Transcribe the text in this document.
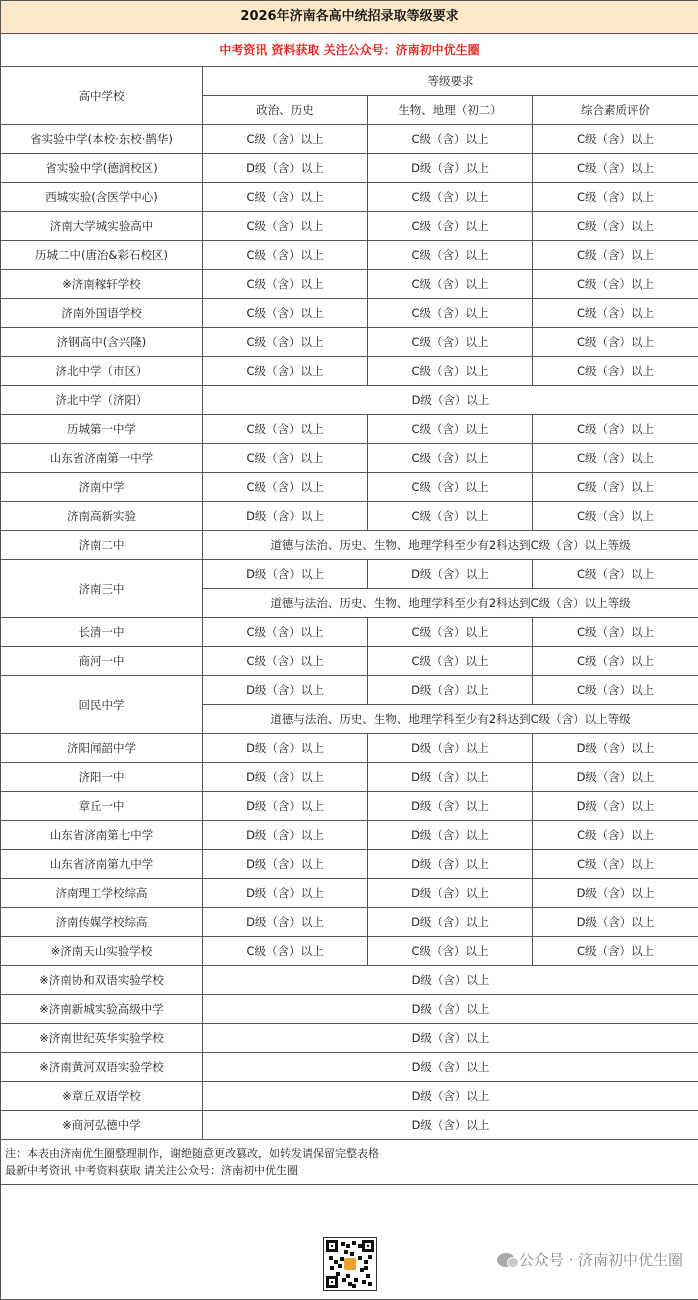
2026年济南各高中统招录取等级要求			
中考资讯 资料获取 关注公众号：济南初中优生圈			
高中学校	等级要求		
	政治、历史	生物、地理（初二）	综合素质评价
省实验中学(本校·东校·鹊华)	C级（含）以上	C级（含）以上	C级（含）以上
省实验中学(德润校区)	D级（含）以上	D级（含）以上	C级（含）以上
西城实验(含医学中心)	C级（含）以上	C级（含）以上	C级（含）以上
济南大学城实验高中	C级（含）以上	C级（含）以上	C级（含）以上
历城二中(唐冶&彩石校区)	C级（含）以上	C级（含）以上	C级（含）以上
※济南稼轩学校	C级（含）以上	C级（含）以上	C级（含）以上
济南外国语学校	C级（含）以上	C级（含）以上	C级（含）以上
济钢高中(含兴隆)	C级（含）以上	C级（含）以上	C级（含）以上
济北中学（市区）	C级（含）以上	C级（含）以上	C级（含）以上
济北中学（济阳）	D级（含）以上		
历城第一中学	C级（含）以上	C级（含）以上	C级（含）以上
山东省济南第一中学	C级（含）以上	C级（含）以上	C级（含）以上
济南中学	C级（含）以上	C级（含）以上	C级（含）以上
济南高新实验	D级（含）以上	C级（含）以上	C级（含）以上
济南二中	道德与法治、历史、生物、地理学科至少有2科达到C级（含）以上等级		
济南三中	D级（含）以上	D级（含）以上	C级（含）以上
	道德与法治、历史、生物、地理学科至少有2科达到C级（含）以上等级		
长清一中	C级（含）以上	C级（含）以上	C级（含）以上
商河一中	C级（含）以上	C级（含）以上	C级（含）以上
回民中学	D级（含）以上	D级（含）以上	C级（含）以上
	道德与法治、历史、生物、地理学科至少有2科达到C级（含）以上等级		
济阳闻韶中学	D级（含）以上	D级（含）以上	D级（含）以上
济阳一中	D级（含）以上	D级（含）以上	D级（含）以上
章丘一中	D级（含）以上	D级（含）以上	D级（含）以上
山东省济南第七中学	D级（含）以上	D级（含）以上	C级（含）以上
山东省济南第九中学	D级（含）以上	D级（含）以上	C级（含）以上
济南理工学校综高	D级（含）以上	D级（含）以上	D级（含）以上
济南传媒学校综高	D级（含）以上	D级（含）以上	D级（含）以上
※济南天山实验学校	C级（含）以上	C级（含）以上	C级（含）以上
※济南协和双语实验学校	D级（含）以上		
※济南新城实验高级中学	D级（含）以上		
※济南世纪英华实验学校	D级（含）以上		
※济南黄河双语实验学校	D级（含）以上		
※章丘双语学校	D级（含）以上		
※商河弘德中学	D级（含）以上		

注：本表由济南优生圈整理制作，谢绝随意更改篡改，如转发请保留完整表格
最新中考资讯 中考资料获取 请关注公众号：济南初中优生圈			

公众号 · 济南初中优生圈			
